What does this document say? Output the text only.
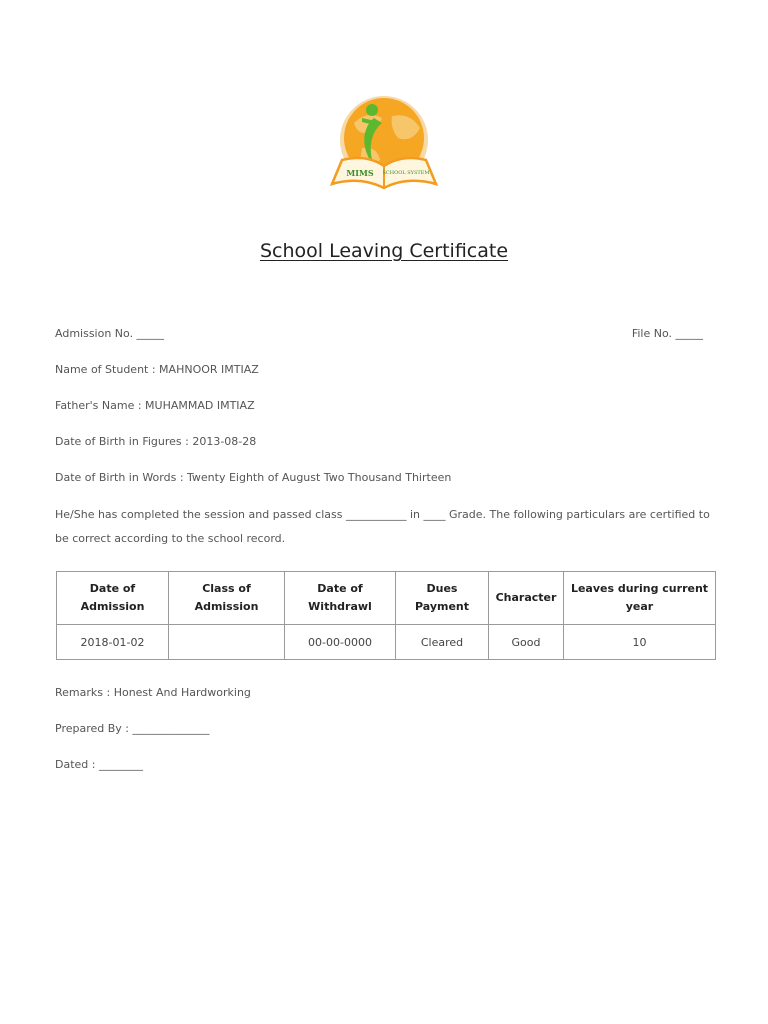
MIMS SCHOOL SYSTEM
School Leaving Certificate
Admission No. _____	File No. _____
Name of Student : MAHNOOR IMTIAZ
Father's Name : MUHAMMAD IMTIAZ
Date of Birth in Figures : 2013-08-28
Date of Birth in Words : Twenty Eighth of August Two Thousand Thirteen
He/She has completed the session and passed class ___________ in ____ Grade. The following particulars are certified to be correct according to the school record.
Date of Admission	Class of Admission	Date of Withdrawl	Dues Payment	Character	Leaves during current year
2018-01-02		00-00-0000	Cleared	Good	10
Remarks : Honest And Hardworking
Prepared By : ______________
Dated : ________
